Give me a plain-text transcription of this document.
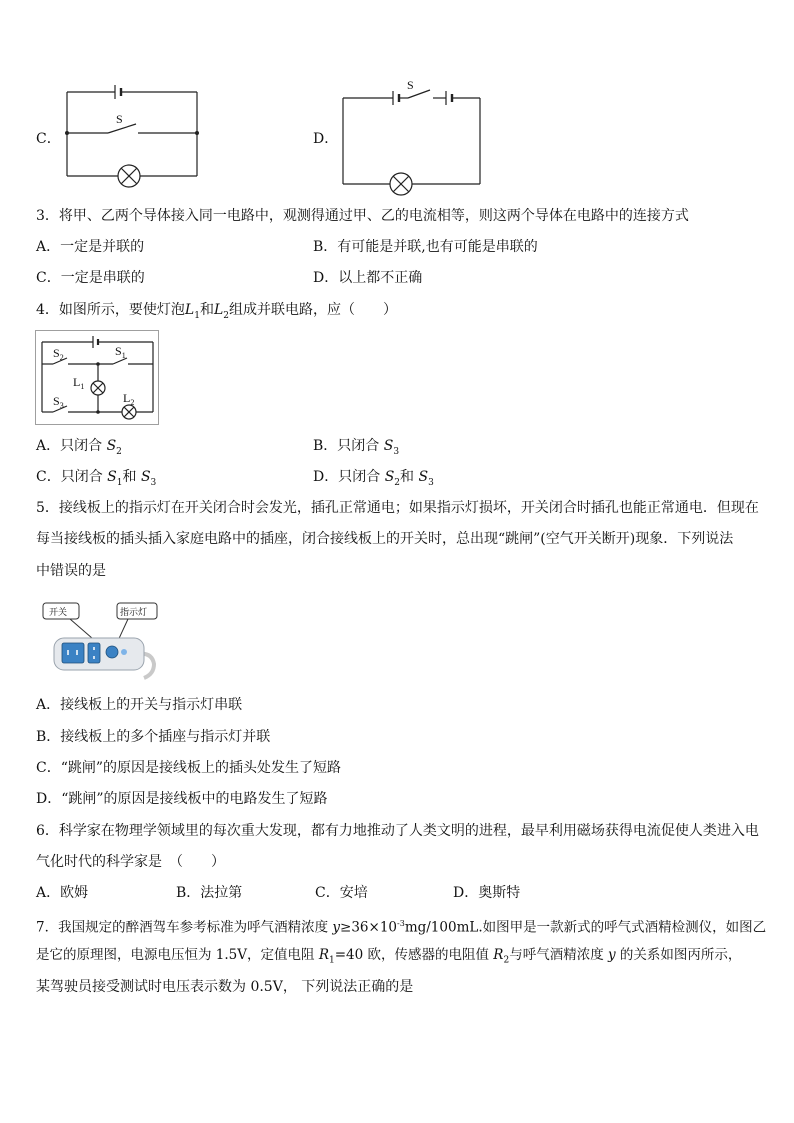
C．
S
D．
S
3．将甲、乙两个导体接入同一电路中，观测得通过甲、乙的电流相等，则这两个导体在电路中的连接方式
A．一定是并联的	B．有可能是并联,也有可能是串联的
C．一定是串联的	D．以上都不正确
4．如图所示，要使灯泡$L_1$和$L_2$组成并联电路，应（　　）
$S_2$	$S_1$
$L_1$
$L_2$
$S_3$
A．只闭合 $S_2$	B．只闭合 $S_3$
C．只闭合 $S_1$和 $S_3$	D．只闭合 $S_2$和 $S_3$
5．接线板上的指示灯在开关闭合时会发光，插孔正常通电；如果指示灯损坏，开关闭合时插孔也能正常通电．但现在
每当接线板的插头插入家庭电路中的插座，闭合接线板上的开关时，总出现“跳闸”(空气开关断开)现象．下列说法
中错误的是
开关	指示灯
A．接线板上的开关与指示灯串联
B．接线板上的多个插座与指示灯并联
C．“跳闸”的原因是接线板上的插头处发生了短路
D．“跳闸”的原因是接线板中的电路发生了短路
6．科学家在物理学领域里的每次重大发现，都有力地推动了人类文明的进程，最早利用磁场获得电流促使人类进入电
气化时代的科学家是　（　　）
A．欧姆	B．法拉第	C．安培	D．奥斯特
7．我国规定的醉酒驾车参考标准为呼气酒精浓度 $y\ge 36\times 10^{-3}mg/100mL$.如图甲是一款新式的呼气式酒精检测仪，如图乙
是它的原理图，电源电压恒为 1.5V，定值电阻 $R_1=40$ 欧，传感器的电阻值 $R_2$与呼气酒精浓度 y 的关系如图丙所示，
某驾驶员接受测试时电压表示数为 0.5V， 下列说法正确的是
